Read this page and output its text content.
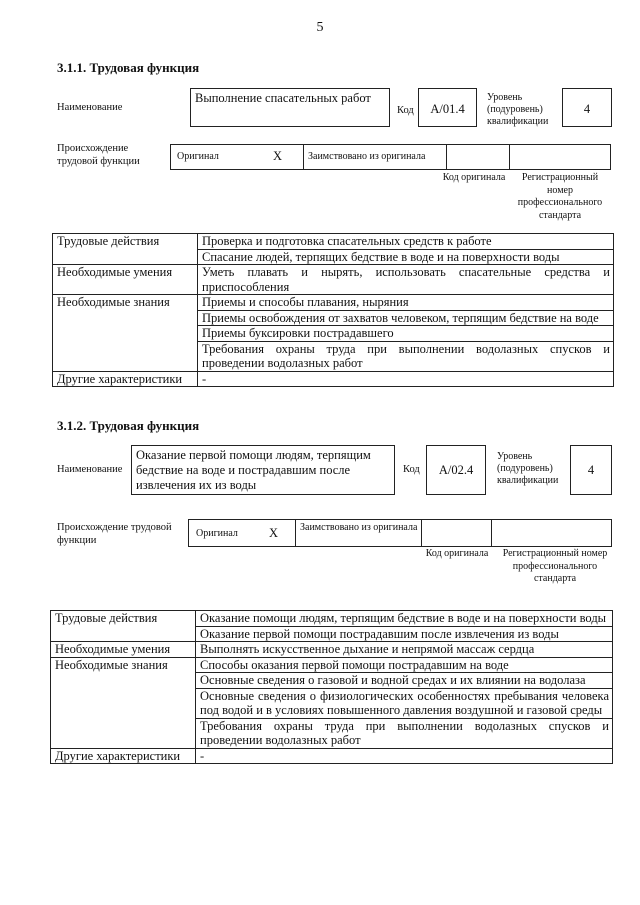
5
3.1.1. Трудовая функция
Наименование
Выполнение спасательных работ
Код	А/01.4
Уровень (подуровень) квалификации
4
Происхождение трудовой функции	Оригинал	Х	Заимствовано из оригинала
Код оригинала	Регистрационный номер профессионального стандарта
Трудовые действия	Проверка и подготовка спасательных средств к работе
	Спасание людей, терпящих бедствие в воде и на поверхности воды
Необходимые умения	Уметь плавать и нырять, использовать спасательные средства и приспособления
Необходимые знания	Приемы и способы плавания, ныряния
	Приемы освобождения от захватов человеком, терпящим бедствие на воде
	Приемы буксировки пострадавшего
	Требования охраны труда при выполнении водолазных спусков и проведении водолазных работ
Другие характеристики	-
3.1.2. Трудовая функция
Наименование
Оказание первой помощи людям, терпящим бедствие на воде и пострадавшим после извлечения их из воды
Код	А/02.4
Уровень (подуровень) квалификации
4
Происхождение трудовой функции
Оригинал Х Заимствовано из оригинала
Код оригинала	Регистрационный номер профессионального стандарта
Трудовые действия	Оказание помощи людям, терпящим бедствие в воде и на поверхности воды
	Оказание первой помощи пострадавшим после извлечения из воды
Необходимые умения	Выполнять искусственное дыхание и непрямой массаж сердца
Необходимые знания	Способы оказания первой помощи пострадавшим на воде
	Основные сведения о газовой и водной средах и их влиянии на водолаза
	Основные сведения о физиологических особенностях пребывания человека под водой и в условиях повышенного давления воздушной и газовой среды
	Требования охраны труда при выполнении водолазных спусков и проведении водолазных работ
Другие характеристики	-
